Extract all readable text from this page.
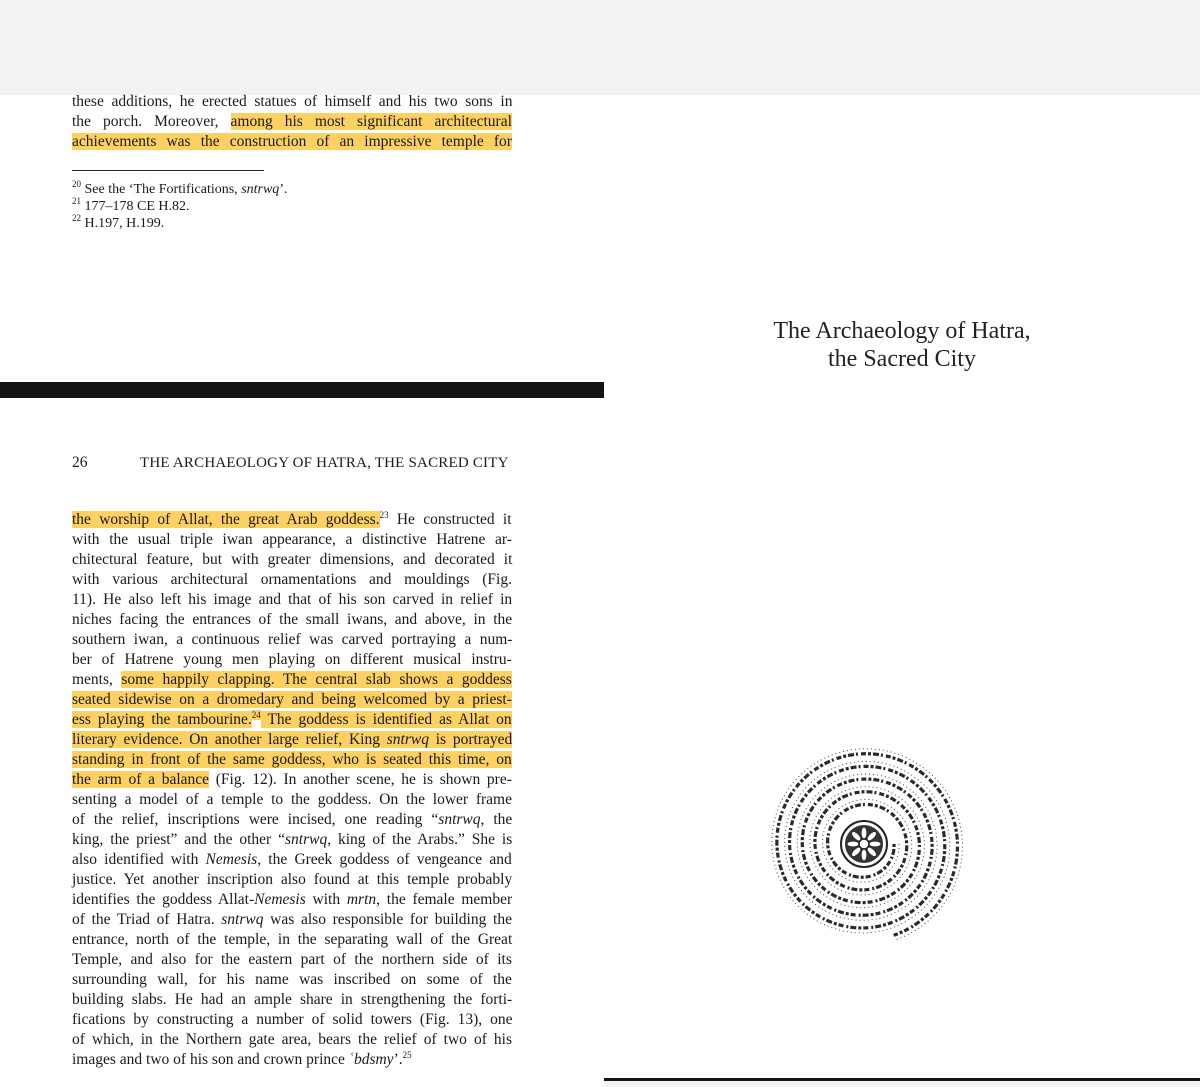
these additions, he erected statues of himself and his two sons in
the porch. Moreover, among his most significant architectural
achievements was the construction of an impressive temple for
$^{20}$ See the ‘The Fortifications, sntrwq’.
$^{21}$ 177–178 CE H.82.
$^{22}$ H.197, H.199.
26	THE ARCHAEOLOGY OF HATRA, THE SACRED CITY
the worship of Allat, the great Arab goddess.$^{23}$ He constructed it
with the usual triple iwan appearance, a distinctive Hatrene ar-
chitectural feature, but with greater dimensions, and decorated it
with various architectural ornamentations and mouldings (Fig.
11). He also left his image and that of his son carved in relief in
niches facing the entrances of the small iwans, and above, in the
southern iwan, a continuous relief was carved portraying a num-
ber of Hatrene young men playing on different musical instru-
ments, some happily clapping. The central slab shows a goddess
seated sidewise on a dromedary and being welcomed by a priest-
ess playing the tambourine.$^{24}$ The goddess is identified as Allat on
literary evidence. On another large relief, King sntrwq is portrayed
standing in front of the same goddess, who is seated this time, on
the arm of a balance (Fig. 12). In another scene, he is shown pre-
senting a model of a temple to the goddess. On the lower frame
of the relief, inscriptions were incised, one reading “sntrwq, the
king, the priest” and the other “sntrwq, king of the Arabs.” She is
also identified with Nemesis, the Greek goddess of vengeance and
justice. Yet another inscription also found at this temple probably
identifies the goddess Allat-Nemesis with mrtn, the female member
of the Triad of Hatra. sntrwq was also responsible for building the
entrance, north of the temple, in the separating wall of the Great
Temple, and also for the eastern part of the northern side of its
surrounding wall, for his name was inscribed on some of the
building slabs. He had an ample share in strengthening the forti-
fications by constructing a number of solid towers (Fig. 13), one
of which, in the Northern gate area, bears the relief of two of his
images and two of his son and crown prince ʿbdsmy’.$^{25}$
The Archaeology of Hatra,
the Sacred City
